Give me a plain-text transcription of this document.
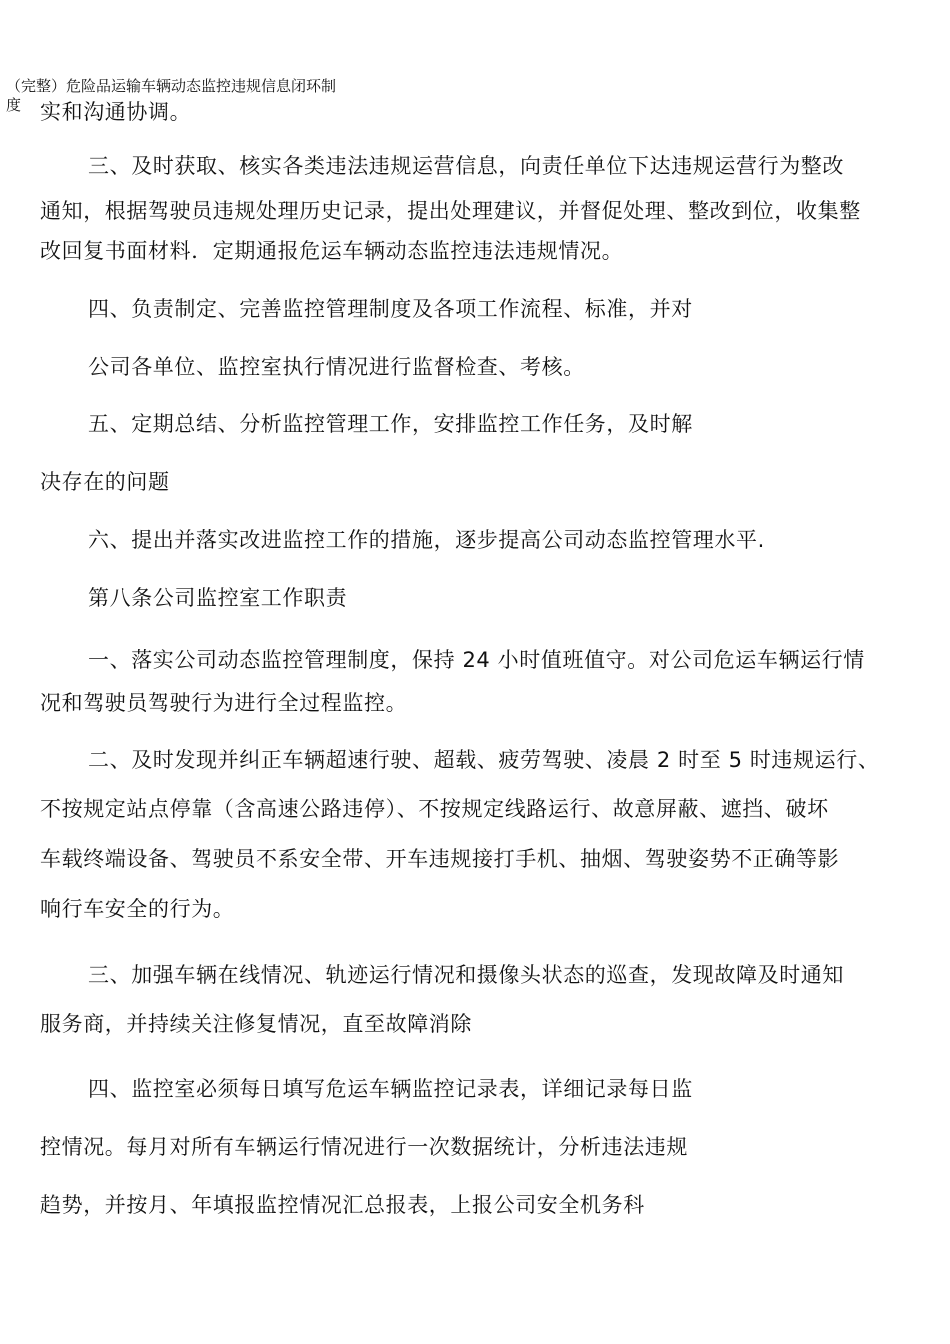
（完整）危险品运输车辆动态监控违规信息闭环制
度 实和沟通协调。
三、及时获取、核实各类违法违规运营信息，向责任单位下达违规运营行为整改
通知，根据驾驶员违规处理历史记录，提出处理建议，并督促处理、整改到位，收集整
改回复书面材料．定期通报危运车辆动态监控违法违规情况。
四、负责制定、完善监控管理制度及各项工作流程、标准，并对
公司各单位、监控室执行情况进行监督检查、考核。
五、定期总结、分析监控管理工作，安排监控工作任务，及时解
决存在的问题
六、提出并落实改进监控工作的措施，逐步提高公司动态监控管理水平.
第八条公司监控室工作职责
一、落实公司动态监控管理制度，保持 24 小时值班值守。对公司危运车辆运行情
况和驾驶员驾驶行为进行全过程监控。
二、及时发现并纠正车辆超速行驶、超载、疲劳驾驶、凌晨 2 时至 5 时违规运行、
不按规定站点停靠（含高速公路违停）、不按规定线路运行、故意屏蔽、遮挡、破坏
车载终端设备、驾驶员不系安全带、开车违规接打手机、抽烟、驾驶姿势不正确等影
响行车安全的行为。
三、加强车辆在线情况、轨迹运行情况和摄像头状态的巡查，发现故障及时通知
服务商，并持续关注修复情况，直至故障消除
四、监控室必须每日填写危运车辆监控记录表，详细记录每日监
控情况。每月对所有车辆运行情况进行一次数据统计，分析违法违规
趋势，并按月、年填报监控情况汇总报表，上报公司安全机务科
